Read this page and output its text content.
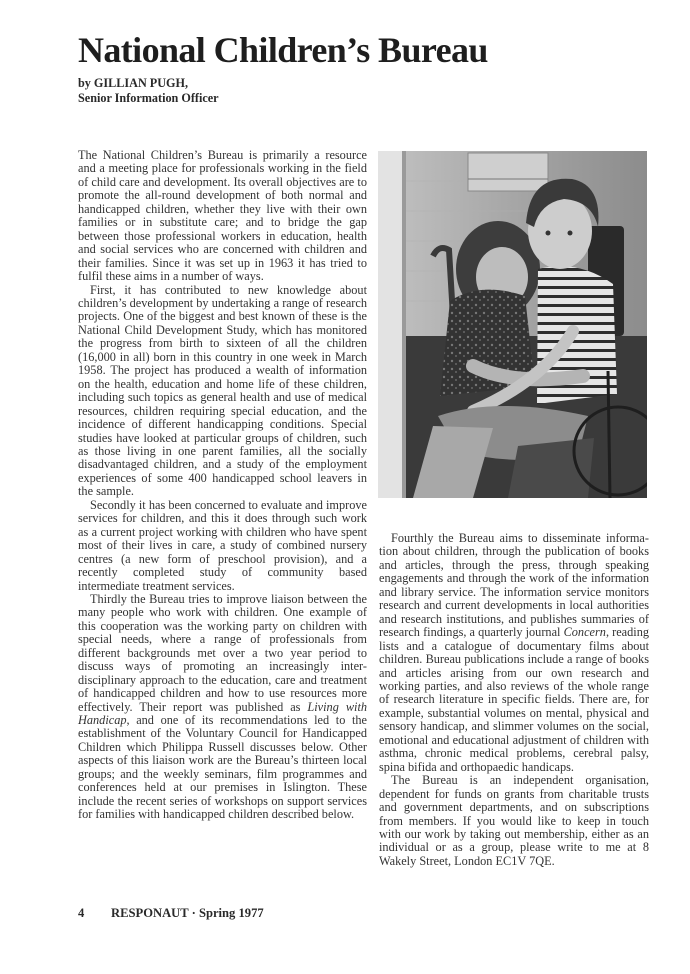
National Children’s Bureau
by GILLIAN PUGH,
Senior Information Officer

The National Children’s Bureau is primarily a resource and a meeting place for professionals working in the field of child care and development. Its overall objectives are to promote the all-round development of both normal and handicapped children, whether they live with their own families or in substitute care; and to bridge the gap between those professional workers in education, health and social services who are concerned with children and their families. Since it was set up in 1963 it has tried to fulfil these aims in a number of ways.

First, it has contributed to new knowledge about children’s development by undertaking a range of research projects. One of the biggest and best known of these is the National Child Development Study, which has monitored the progress from birth to sixteen of all the children (16,000 in all) born in this country in one week in March 1958. The project has produced a wealth of information on the health, education and home life of these children, including such topics as general health and use of medical resources, children requiring special education, and the incidence of different handicapping conditions. Special studies have looked at particular groups of children, such as those living in one parent families, all the socially disadvantaged children, and a study of the employment experiences of some 400 handicapped school leavers in the sample.

Secondly it has been concerned to evaluate and improve services for children, and this it does through such work as a current project working with children who have spent most of their lives in care, a study of combined nursery centres (a new form of preschool provision), and a recently completed study of community based intermediate treatment services.

Thirdly the Bureau tries to improve liaison between the many people who work with children. One example of this cooperation was the working party on children with special needs, where a range of professionals from different backgrounds met over a two year period to discuss ways of promoting an increasingly inter-disciplinary approach to the education, care and treatment of handicapped children and how to use resources more effectively. Their report was published as Living with Handicap, and one of its recommendations led to the establishment of the Voluntary Council for Handicapped Children which Philippa Russell discusses below. Other aspects of this liaison work are the Bureau’s thirteen local groups; and the weekly seminars, film programmes and conferences held at our premises in Islington. These include the recent series of workshops on support services for families with handicapped children described below.

Fourthly the Bureau aims to disseminate information about children, through the publication of books and articles, through the press, through speaking engagements and through the work of the information and library service. The information service monitors research and current developments in local authorities and research institutions, and publishes summaries of research findings, a quarterly journal Concern, reading lists and a catalogue of documentary films about children. Bureau publications include a range of books and articles arising from our own research and working parties, and also reviews of the whole range of research literature in specific fields. There are, for example, substantial volumes on mental, physical and sensory handicap, and slimmer volumes on the social, emotional and educational adjustment of children with asthma, chronic medical problems, cerebral palsy, spina bifida and orthopaedic handicaps.

The Bureau is an independent organisation, dependent for funds on grants from charitable trusts and government departments, and on subscriptions from members. If you would like to keep in touch with our work by taking out membership, either as an individual or as a group, please write to me at 8 Wakely Street, London EC1V 7QE.

4 RESPONAUT · Spring 1977
